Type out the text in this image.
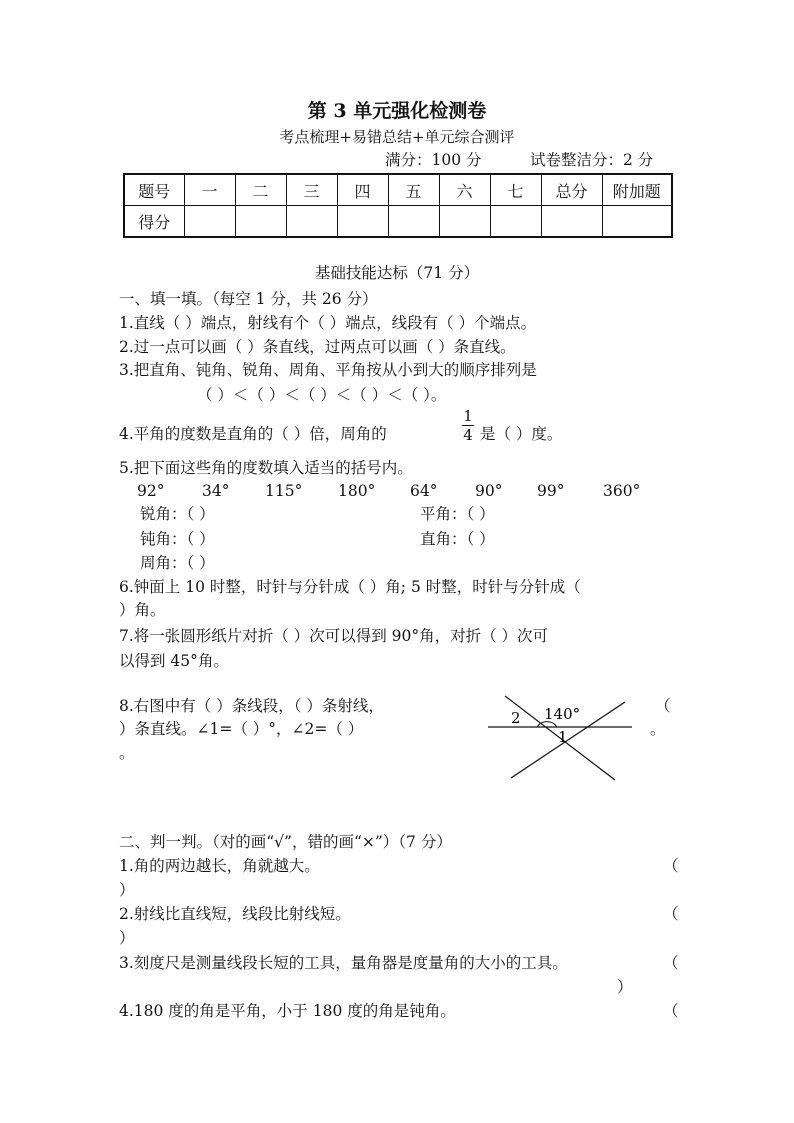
第 3 单元强化检测卷
考点梳理+易错总结+单元综合测评
满分：100 分	试卷整洁分：2 分
题号	一	二	三	四	五	六	七	总分	附加题
得分									
基础技能达标（71 分）
一、填一填。（每空 1 分，共 26 分）
1.直线（ ）端点，射线有个（ ）端点，线段有（ ）个端点。
2.过一点可以画（ ）条直线，过两点可以画（ ）条直线。
3.把直角、钝角、锐角、周角、平角按从小到大的顺序排列是
（ ）＜（ ）＜（ ）＜（ ）＜（ ）。
4.平角的度数是直角的（ ）倍，周角的
1
4 是（ ）度。
5.把下面这些角的度数填入适当的括号内。
92° 34° 115° 180° 64° 90° 99° 360°
锐角：（ ）	平角：（ ）
钝角：（ ）	直角：（ ）
周角：（ ）
6.钟面上 10 时整，时针与分针成（ ）角; 5 时整，时针与分针成（
）角。
7.将一张圆形纸片对折（ ）次可以得到 90°角，对折（ ）次可
以得到 45°角。
8.右图中有（ ）条线段，（ ）条射线，	（
。
）条直线。∠1=（ ）°，∠2=（ ）
。
140°
2
1
二、判一判。（对的画“√”，错的画“×”）（7 分）
1.角的两边越长，角就越大。	（
）
2.射线比直线短，线段比射线短。	（
）
3.刻度尺是测量线段长短的工具，量角器是度量角的大小的工具。	（
）
4.180 度的角是平角，小于 180 度的角是钝角。	（
